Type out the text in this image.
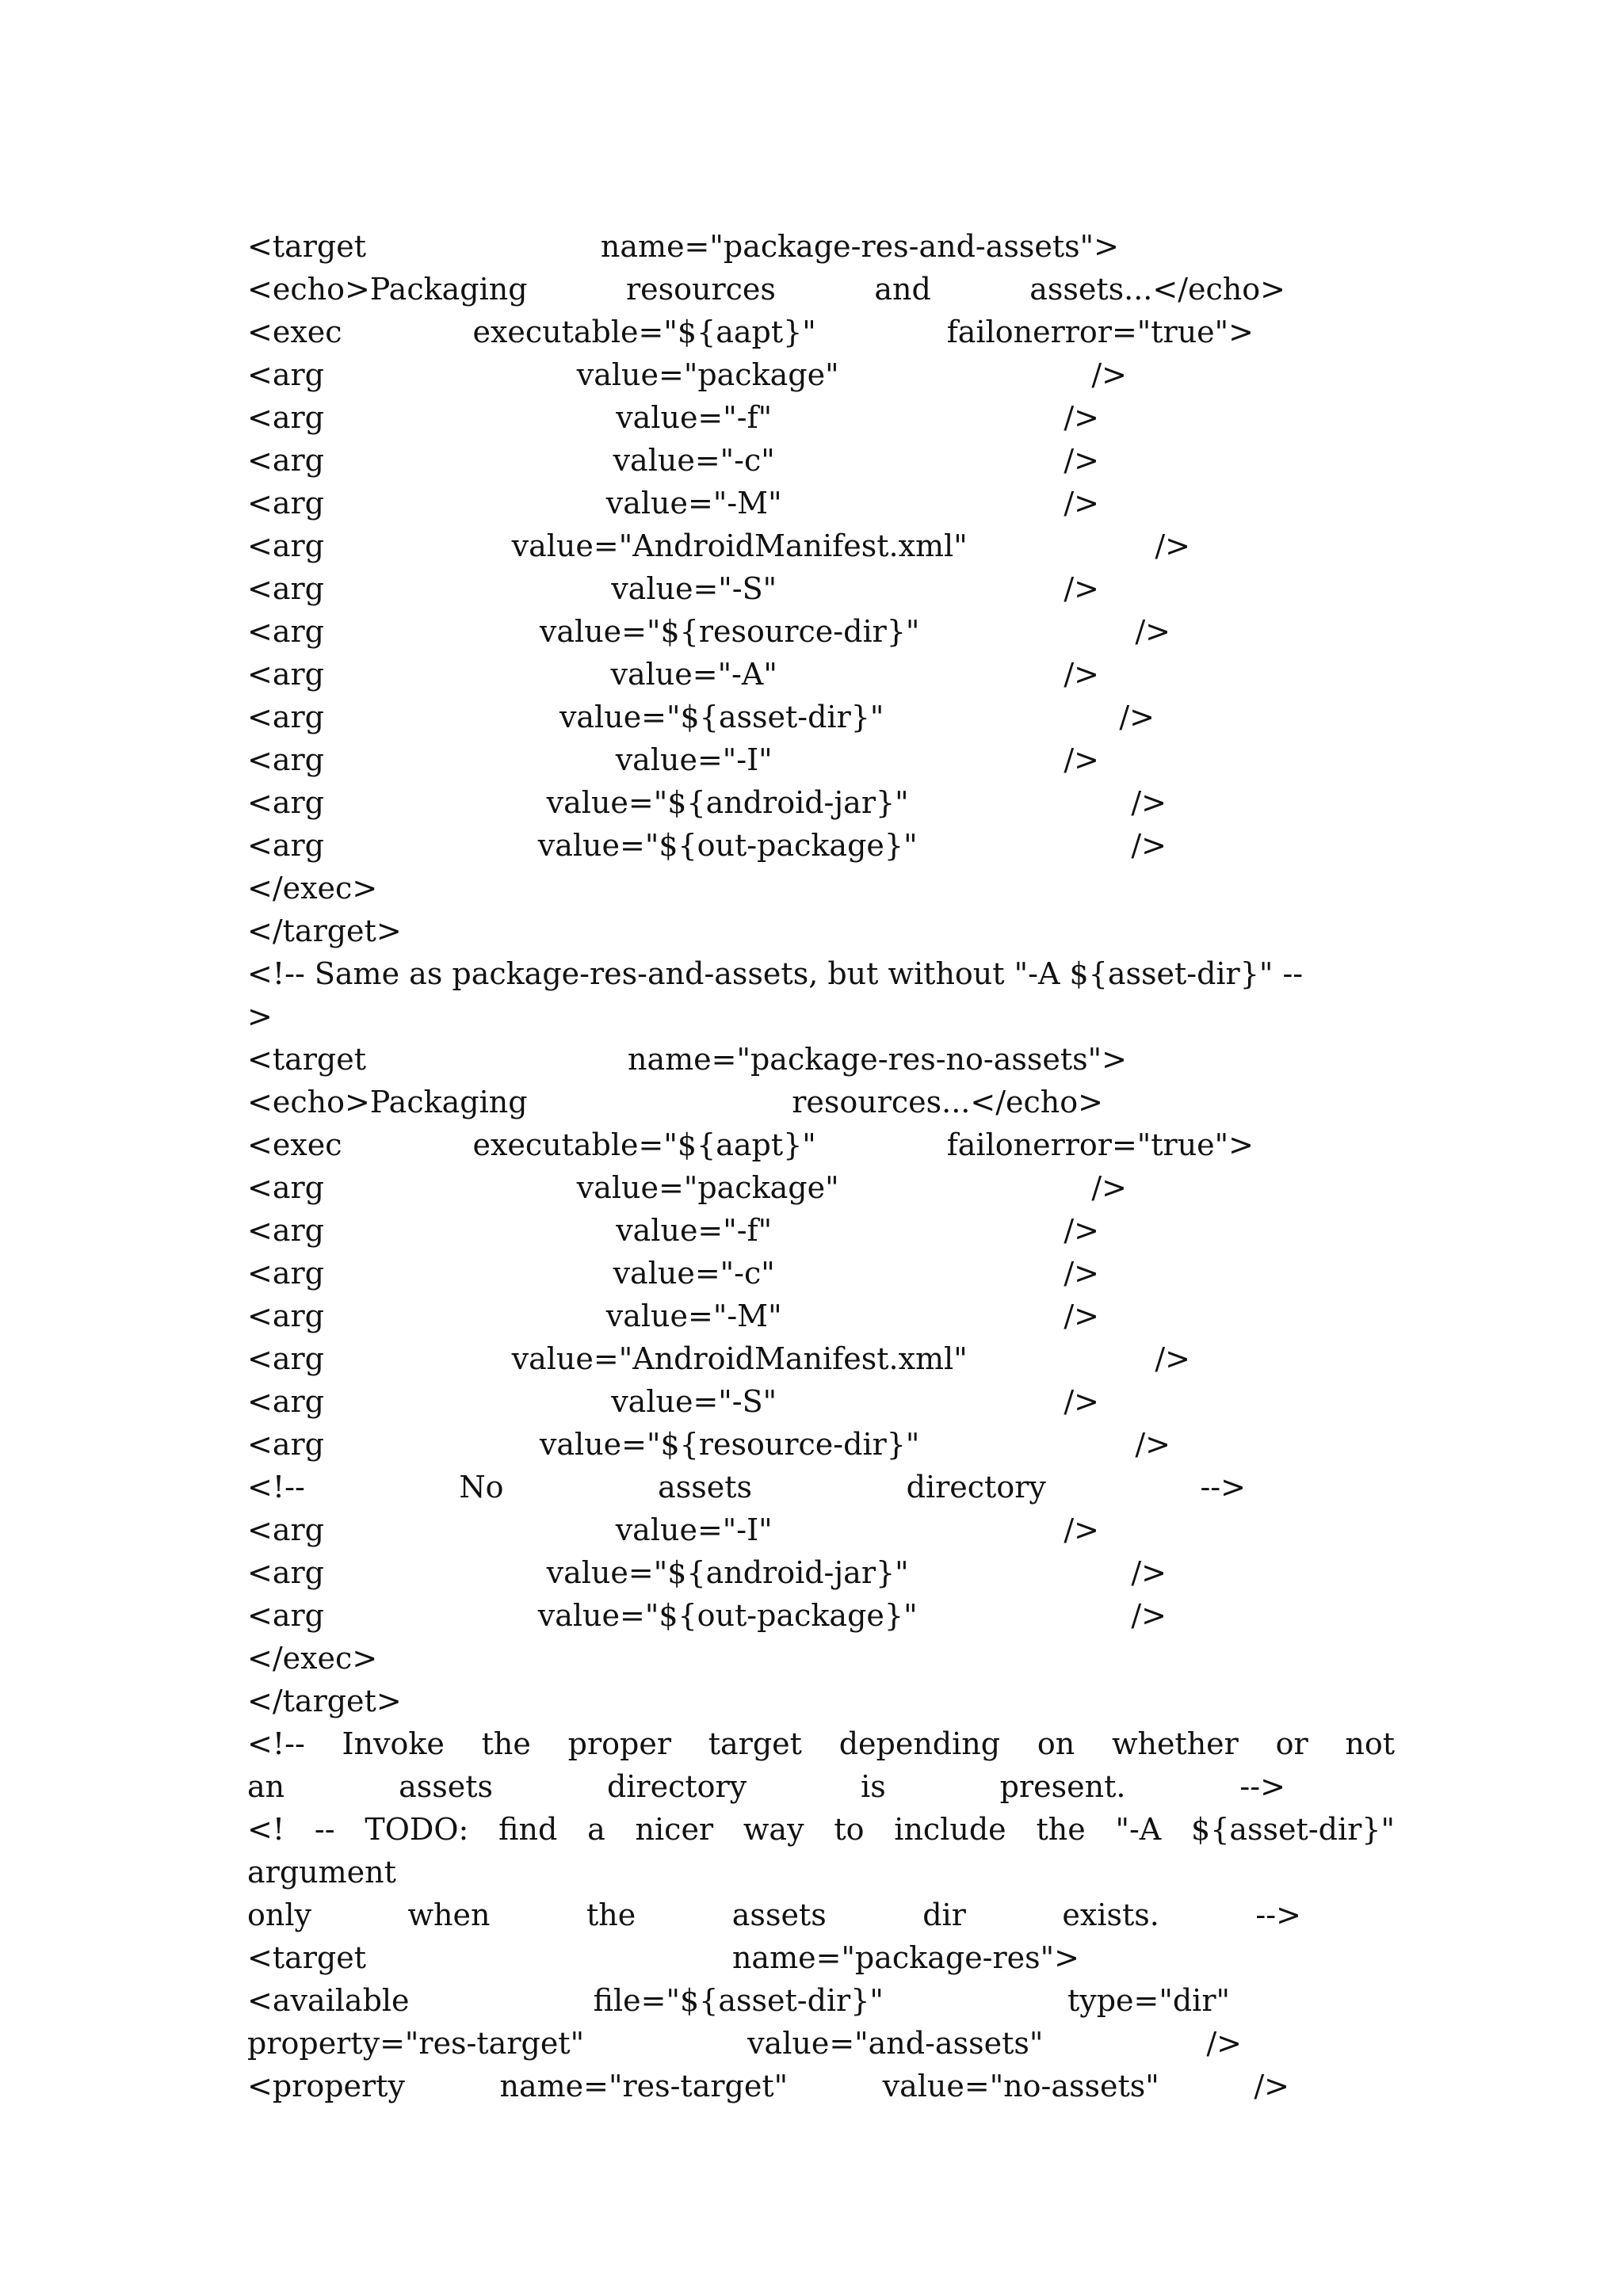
<target	name="package-res-and-assets">
<echo>Packaging	resources	and	assets...</echo>
<exec	executable="${aapt}"	failonerror="true">
<arg	value="package"	/>
<arg	value="-f"	/>
<arg	value="-c"	/>
<arg	value="-M"	/>
<arg	value="AndroidManifest.xml"	/>
<arg	value="-S"	/>
<arg	value="${resource-dir}"	/>
<arg	value="-A"	/>
<arg	value="${asset-dir}"	/>
<arg	value="-I"	/>
<arg	value="${android-jar}"	/>
<arg	value="${out-package}"	/>
</exec>
</target>
<!-- Same as package-res-and-assets, but without "-A ${asset-dir}" --
>
<target	name="package-res-no-assets">
<echo>Packaging	resources...</echo>
<exec	executable="${aapt}"	failonerror="true">
<arg	value="package"	/>
<arg	value="-f"	/>
<arg	value="-c"	/>
<arg	value="-M"	/>
<arg	value="AndroidManifest.xml"	/>
<arg	value="-S"	/>
<arg	value="${resource-dir}"	/>
<!--	No	assets	directory	-->
<arg	value="-I"	/>
<arg	value="${android-jar}"	/>
<arg	value="${out-package}"	/>
</exec>
</target>
<!-- Invoke the proper target depending on whether or not
an	assets	directory	is	present.	-->
<! -- TODO: find a nicer way to include the "-A ${asset-dir}"
argument
only	when	the	assets	dir	exists.	-->
<target	name="package-res">
<available	file="${asset-dir}"	type="dir"
property="res-target"	value="and-assets"	/>
<property	name="res-target"	value="no-assets"	/>
